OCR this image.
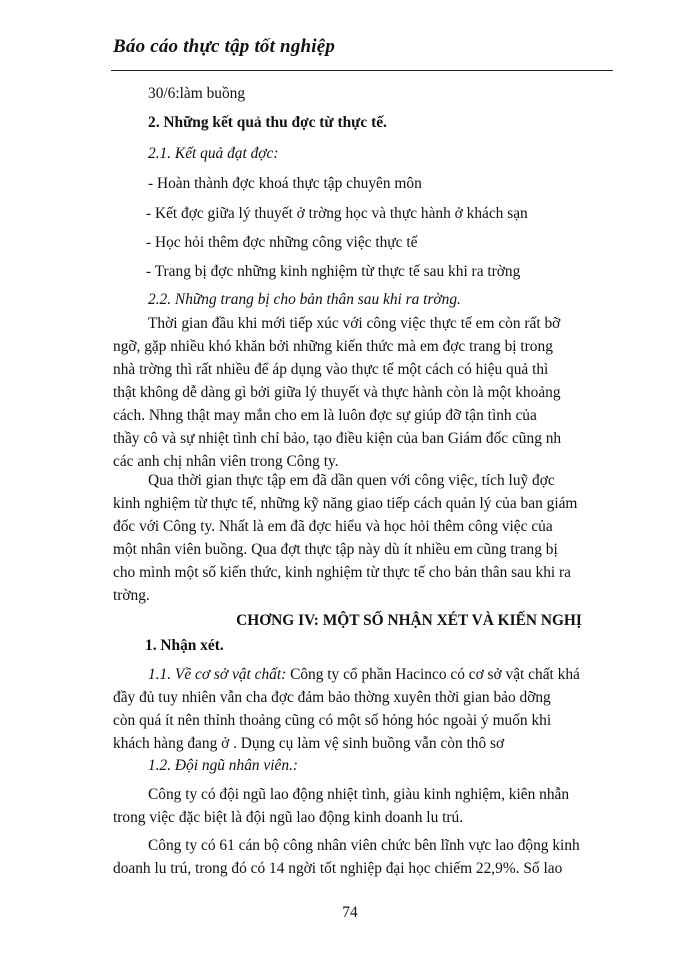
Báo cáo thực tập tốt nghiệp
30/6:làm buồng
2. Những kết quả thu đợc từ thực tế.
2.1. Kết quả đạt đợc:
- Hoàn thành đợc khoá thực tập chuyên môn
- Kết đợc giữa lý thuyết ở trờng học và thực hành ở khách sạn
- Học hỏi thêm đợc những công việc thực tế
- Trang bị đợc những kinh nghiệm từ thực tế sau khi ra trờng
2.2. Những trang bị cho bản thân sau khi ra trờng.
Thời gian đầu khi mới tiếp xúc với công việc thực tế em còn rất bỡ
ngỡ, gặp nhiều khó khăn bởi những kiến thức mà em đợc trang bị trong
nhà trờng thì rất nhiều để áp dụng vào thực tế một cách có hiệu quả thì
thật không dễ dàng gì bởi giữa lý thuyết và thực hành còn là một khoảng
cách. Nhng thật may mắn cho em là luôn đợc sự giúp đỡ tận tình của
thầy cô và sự nhiệt tình chỉ bảo, tạo điều kiện của ban Giám đốc cũng nh
các anh chị nhân viên trong Công ty.
Qua thời gian thực tập em đã dần quen với công việc, tích luỹ đợc
kinh nghiệm từ thực tế, những kỹ năng giao tiếp cách quản lý của ban giám
đốc với Công ty. Nhất là em đã đợc hiểu và học hỏi thêm công việc của
một nhân viên buồng. Qua đợt thực tập này dù ít nhiều em cũng trang bị
cho mình một số kiến thức, kinh nghiệm từ thực tế cho bản thân sau khi ra
trờng.
CHƠNG IV: MỘT SỐ NHẬN XÉT VÀ KIẾN NGHỊ
1. Nhận xét.
1.1. Về cơ sở vật chất: Công ty cổ phần Hacinco có cơ sở vật chất khá
đầy đủ tuy nhiên vẫn cha đợc đảm bảo thờng xuyên thời gian bảo dỡng
còn quá ít nên thỉnh thoảng cũng có một số hỏng hóc ngoài ý muốn khi
khách hàng đang ở . Dụng cụ làm vệ sinh buồng vẫn còn thô sơ
1.2. Đội ngũ nhân viên.:
Công ty có đội ngũ lao động nhiệt tình, giàu kinh nghiệm, kiên nhẫn
trong việc đặc biệt là đội ngũ lao động kinh doanh lu trú.
Công ty có 61 cán bộ công nhân viên chức bên lĩnh vực lao động kinh
doanh lu trú, trong đó có 14 ngời tốt nghiệp đại học chiếm 22,9%. Số lao
74
